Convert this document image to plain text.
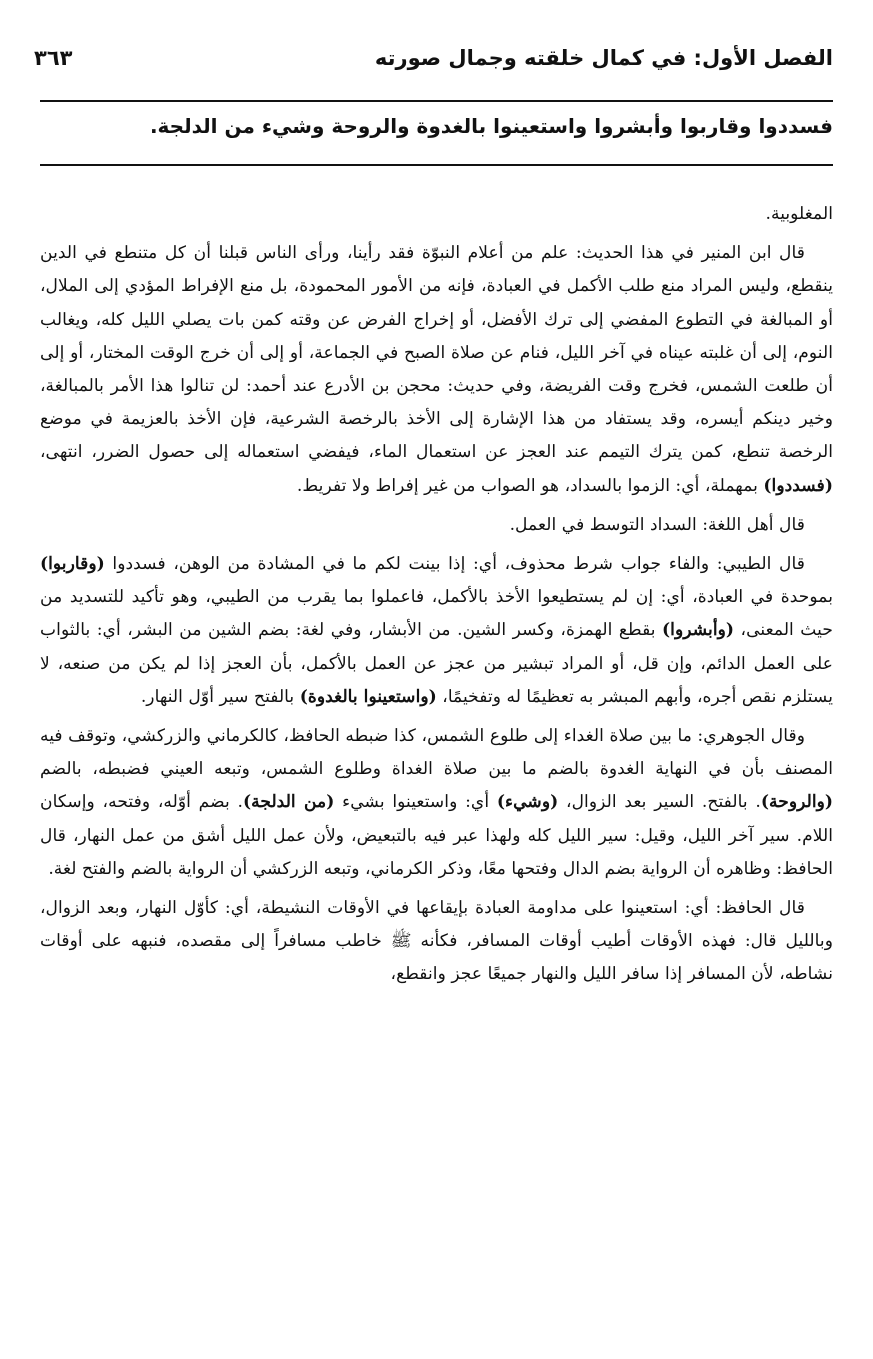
الفصل الأول: في كمال خلقته وجمال صورته
٣٦٣
فسددوا وقاربوا وأبشروا واستعينوا بالغدوة والروحة وشيء من الدلجة.

المغلوبية.

قال ابن المنير في هذا الحديث: علم من أعلام النبوّة فقد رأينا، ورأى الناس قبلنا أن كل متنطع في الدين ينقطع، وليس المراد منع طلب الأكمل في العبادة، فإنه من الأمور المحمودة، بل منع الإفراط المؤدي إلى الملال، أو المبالغة في التطوع المفضي إلى ترك الأفضل، أو إخراج الفرض عن وقته كمن بات يصلي الليل كله، ويغالب النوم، إلى أن غلبته عيناه في آخر الليل، فنام عن صلاة الصبح في الجماعة، أو إلى أن خرج الوقت المختار، أو إلى أن طلعت الشمس، فخرج وقت الفريضة، وفي حديث: محجن بن الأدرع عند أحمد: لن تنالوا هذا الأمر بالمبالغة، وخير دينكم أيسره، وقد يستفاد من هذا الإشارة إلى الأخذ بالرخصة الشرعية، فإن الأخذ بالعزيمة في موضع الرخصة تنطع، كمن يترك التيمم عند العجز عن استعمال الماء، فيفضي استعماله إلى حصول الضرر، انتهى، (فسددوا) بمهملة، أي: الزموا بالسداد، هو الصواب من غير إفراط ولا تفريط.

قال أهل اللغة: السداد التوسط في العمل.

قال الطيبي: والفاء جواب شرط محذوف، أي: إذا بينت لكم ما في المشادة من الوهن، فسددوا (وقاربوا) بموحدة في العبادة، أي: إن لم يستطيعوا الأخذ بالأكمل، فاعملوا بما يقرب من الطيبي، وهو تأكيد للتسديد من حيث المعنى، (وأبشروا) بقطع الهمزة، وكسر الشين. من الأبشار، وفي لغة: بضم الشين من البشر، أي: بالثواب على العمل الدائم، وإن قل، أو المراد تبشير من عجز عن العمل بالأكمل، بأن العجز إذا لم يكن من صنعه، لا يستلزم نقص أجره، وأبهم المبشر به تعظيمًا له وتفخيمًا، (واستعينوا بالغدوة) بالفتح سير أوّل النهار.

وقال الجوهري: ما بين صلاة الغداء إلى طلوع الشمس، كذا ضبطه الحافظ، كالكرماني والزركشي، وتوقف فيه المصنف بأن في النهاية الغدوة بالضم ما بين صلاة الغداة وطلوع الشمس، وتبعه العيني فضبطه، بالضم (والروحة). بالفتح. السير بعد الزوال، (وشيء) أي: واستعينوا بشيء (من الدلجة). بضم أوّله، وفتحه، وإسكان اللام. سير آخر الليل، وقيل: سير الليل كله ولهذا عبر فيه بالتبعيض، ولأن عمل الليل أشق من عمل النهار، قال الحافظ: وظاهره أن الرواية بضم الدال وفتحها معًا، وذكر الكرماني، وتبعه الزركشي أن الرواية بالضم والفتح لغة.

قال الحافظ: أي: استعينوا على مداومة العبادة بإيقاعها في الأوقات النشيطة، أي: كأوّل النهار، وبعد الزوال، وبالليل قال: فهذه الأوقات أطيب أوقات المسافر، فكأنه ﷺ خاطب مسافراً إلى مقصده، فنبهه على أوقات نشاطه، لأن المسافر إذا سافر الليل والنهار جميعًا عجز وانقطع،
